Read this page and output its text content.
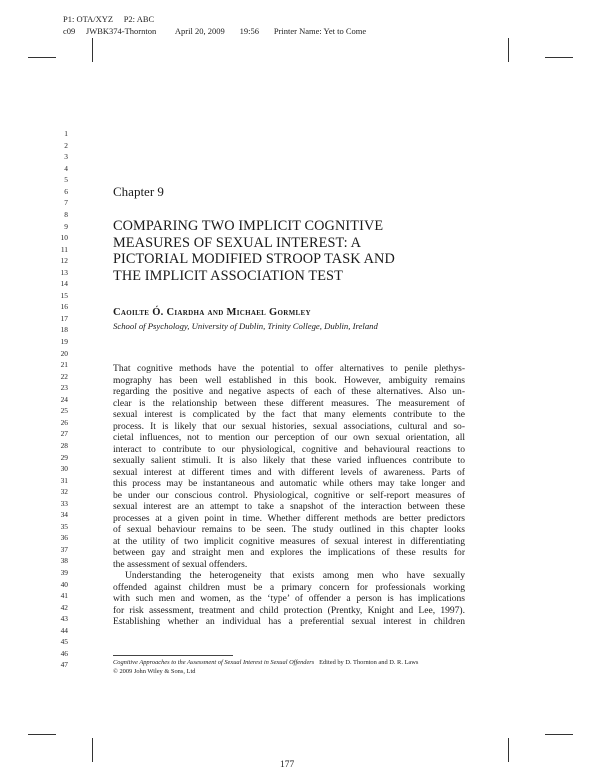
P1: OTA/XYZ     P2: ABC
c09     JWBK374-Thornton         April 20, 2009       19:56       Printer Name: Yet to Come
1
2
3
4
5
6
7
8
9
10
11
12
13
14
15
16
17
18
19
20
21
22
23
24
25
26
27
28
29
30
31
32
33
34
35
36
37
38
39
40
41
42
43
44
45
46
47
Chapter 9
COMPARING TWO IMPLICIT COGNITIVE
MEASURES OF SEXUAL INTEREST: A
PICTORIAL MODIFIED STROOP TASK AND
THE IMPLICIT ASSOCIATION TEST
Caoilte Ó. Ciardha and Michael Gormley
School of Psychology, University of Dublin, Trinity College, Dublin, Ireland

That cognitive methods have the potential to offer alternatives to penile plethys-

mography has been well established in this book. However, ambiguity remains

regarding the positive and negative aspects of each of these alternatives. Also un-

clear is the relationship between these different measures. The measurement of

sexual interest is complicated by the fact that many elements contribute to the

process. It is likely that our sexual histories, sexual associations, cultural and so-

cietal influences, not to mention our perception of our own sexual orientation, all

interact to contribute to our physiological, cognitive and behavioural reactions to

sexually salient stimuli. It is also likely that these varied influences contribute to

sexual interest at different times and with different levels of awareness. Parts of

this process may be instantaneous and automatic while others may take longer and

be under our conscious control. Physiological, cognitive or self-report measures of

sexual interest are an attempt to take a snapshot of the interaction between these

processes at a given point in time. Whether different methods are better predictors

of sexual behaviour remains to be seen. The study outlined in this chapter looks

at the utility of two implicit cognitive measures of sexual interest in differentiating

between gay and straight men and explores the implications of these results for

the assessment of sexual offenders.

Understanding the heterogeneity that exists among men who have sexually

offended against children must be a primary concern for professionals working

with such men and women, as the ‘type’ of offender a person is has implications

for risk assessment, treatment and child protection (Prentky, Knight and Lee, 1997).

Establishing whether an individual has a preferential sexual interest in children

Cognitive Approaches to the Assessment of Sexual Interest in Sexual Offenders Edited by D. Thornton and D. R. Laws
© 2009 John Wiley & Sons, Ltd
177
